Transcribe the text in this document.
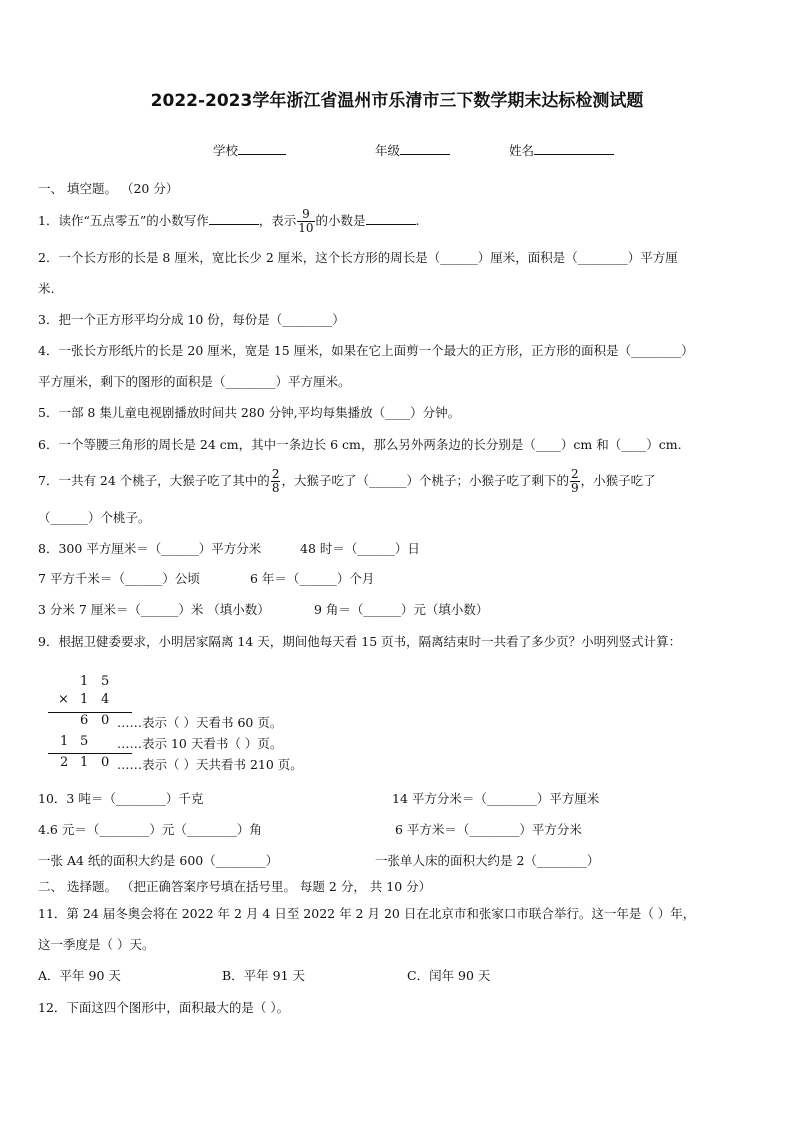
2022-2023学年浙江省温州市乐清市三下数学期末达标检测试题
学校	年级	姓名
一、 填空题。 （20 分）
1．读作“五点零五”的小数写作	，表示 $\frac{9}{10}$ 的小数是	.
2．一个长方形的长是 8 厘米，宽比长少 2 厘米，这个长方形的周长是（______）厘米，面积是（________）平方厘
米.
3．把一个正方形平均分成 10 份，每份是（________）
4．一张长方形纸片的长是 20 厘米，宽是 15 厘米，如果在它上面剪一个最大的正方形，正方形的面积是（________）
平方厘米，剩下的图形的面积是（________）平方厘米。
5．一部 8 集儿童电视剧播放时间共 280 分钟,平均每集播放（____）分钟。
6．一个等腰三角形的周长是 24 cm，其中一条边长 6 cm，那么另外两条边的长分别是（____）cm 和（____）cm.
7．一共有 24 个桃子，大猴子吃了其中的 $\frac{2}{8}$ ，大猴子吃了（______）个桃子；小猴子吃了剩下的 $\frac{2}{9}$ ，小猴子吃了
（______）个桃子。
8．300 平方厘米＝（______）平方分米	48 时＝（______）日
7 平方千米＝（______）公顷	6 年＝（______）个月
3 分米 7 厘米＝（______）米 （填小数）	9 角＝（______）元（填小数）
9．根据卫健委要求，小明居家隔离 14 天，期间他每天看 15 页书，隔离结束时一共看了多少页？小明列竖式计算：
1 5
× 1 4
6 0 ……表示（ ）天看书 60 页。
1 5 ……表示 10 天看书（ ）页。
2 1 0 ……表示（ ）天共看书 210 页。
10．3 吨＝（________）千克	14 平方分米＝（________）平方厘米
4.6 元＝（________）元（________）角	6 平方米＝（________）平方分米
一张 A4 纸的面积大约是 600（________）	一张单人床的面积大约是 2（________）
二、 选择题。 （把正确答案序号填在括号里。 每题 2 分， 共 10 分）
11．第 24 届冬奥会将在 2022 年 2 月 4 日至 2022 年 2 月 20 日在北京市和张家口市联合举行。这一年是（ ）年，
这一季度是（ ）天。
A．平年 90 天	B．平年 91 天	C．闰年 90 天
12．下面这四个图形中，面积最大的是（ ）。
